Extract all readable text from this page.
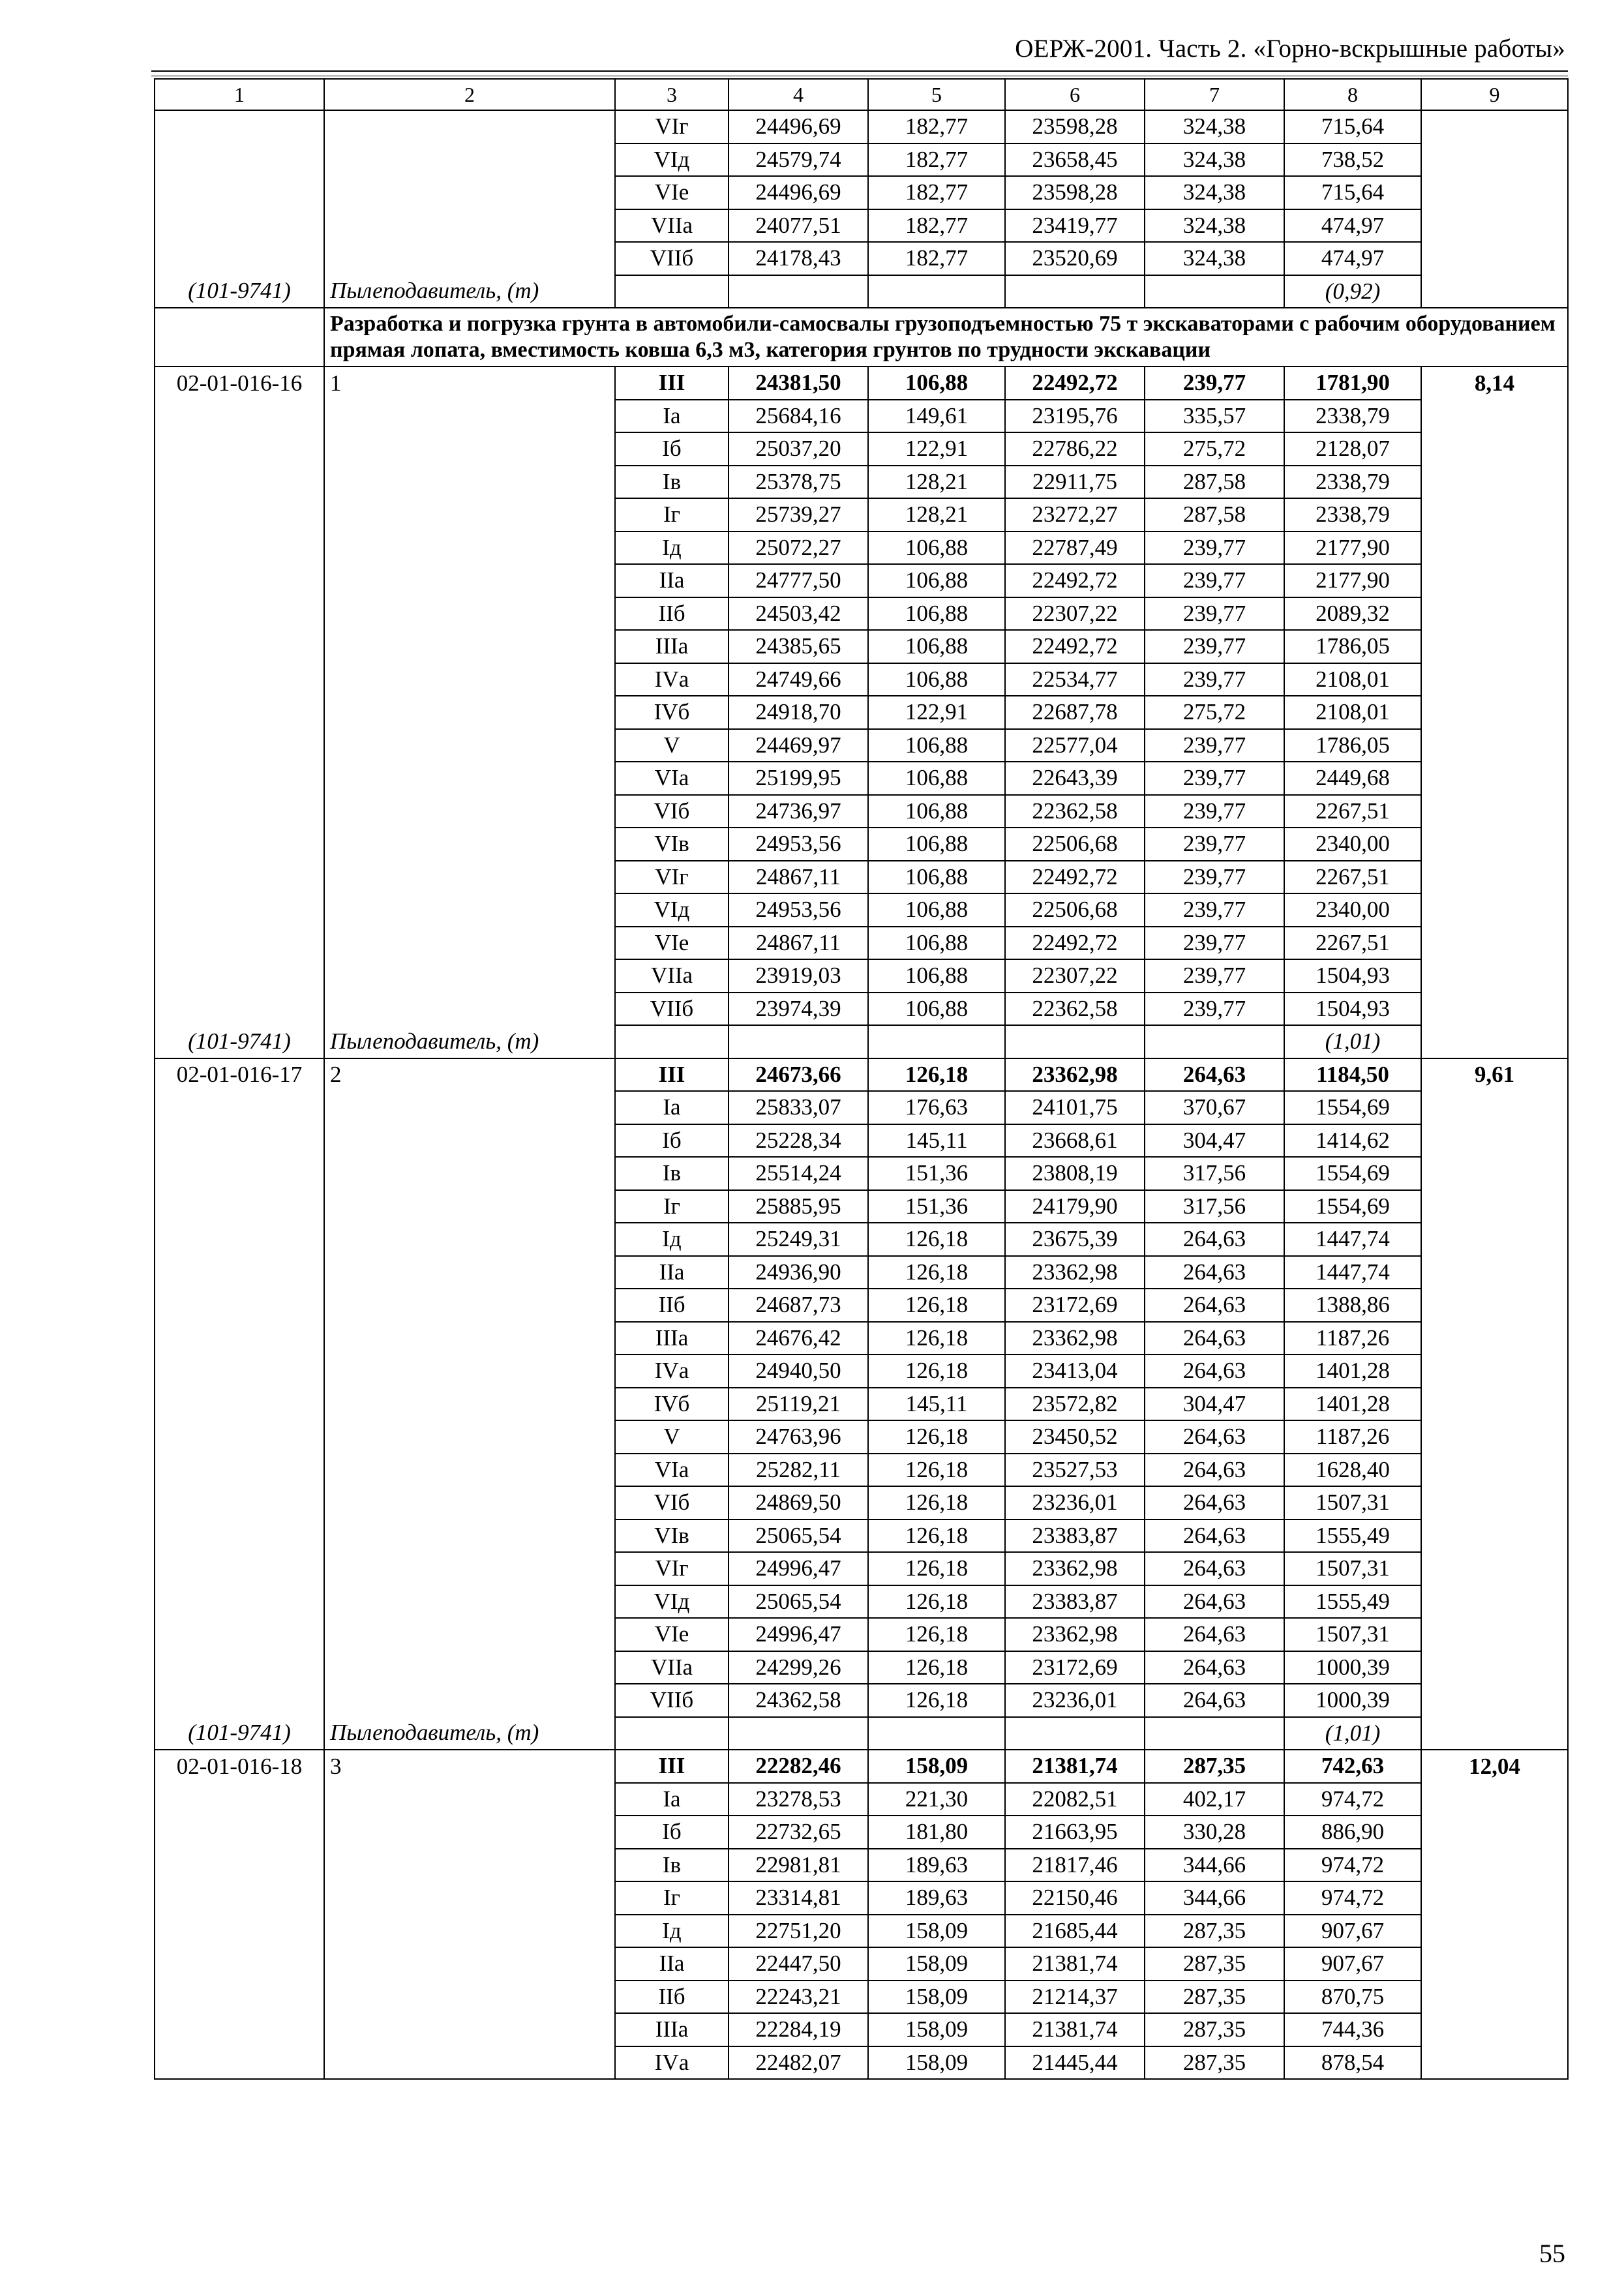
ОЕРЖ-2001. Часть 2. «Горно-вскрышные работы»
1	2	3	4	5	6	7	8	9
		VIг	24496,69	182,77	23598,28	324,38	715,64	
		VIд	24579,74	182,77	23658,45	324,38	738,52	
		VIе	24496,69	182,77	23598,28	324,38	715,64	
		VIIа	24077,51	182,77	23419,77	324,38	474,97	
		VIIб	24178,43	182,77	23520,69	324,38	474,97	
(101-9741)	Пылеподавитель, (т)						(0,92)	
	Разработка и погрузка грунта в автомобили-самосвалы грузоподъемностью 75 т экскаваторами с рабочим оборудованием прямая лопата, вместимость ковша 6,3 м3, категория грунтов по трудности экскавации							
02-01-016-16	1	III	24381,50	106,88	22492,72	239,77	1781,90	8,14
		Iа	25684,16	149,61	23195,76	335,57	2338,79	
		Iб	25037,20	122,91	22786,22	275,72	2128,07	
		Iв	25378,75	128,21	22911,75	287,58	2338,79	
		Iг	25739,27	128,21	23272,27	287,58	2338,79	
		Iд	25072,27	106,88	22787,49	239,77	2177,90	
		IIа	24777,50	106,88	22492,72	239,77	2177,90	
		IIб	24503,42	106,88	22307,22	239,77	2089,32	
		IIIа	24385,65	106,88	22492,72	239,77	1786,05	
		IVа	24749,66	106,88	22534,77	239,77	2108,01	
		IVб	24918,70	122,91	22687,78	275,72	2108,01	
		V	24469,97	106,88	22577,04	239,77	1786,05	
		VIа	25199,95	106,88	22643,39	239,77	2449,68	
		VIб	24736,97	106,88	22362,58	239,77	2267,51	
		VIв	24953,56	106,88	22506,68	239,77	2340,00	
		VIг	24867,11	106,88	22492,72	239,77	2267,51	
		VIд	24953,56	106,88	22506,68	239,77	2340,00	
		VIе	24867,11	106,88	22492,72	239,77	2267,51	
		VIIа	23919,03	106,88	22307,22	239,77	1504,93	
		VIIб	23974,39	106,88	22362,58	239,77	1504,93	
(101-9741)	Пылеподавитель, (т)						(1,01)	
02-01-016-17	2	III	24673,66	126,18	23362,98	264,63	1184,50	9,61
		Iа	25833,07	176,63	24101,75	370,67	1554,69	
		Iб	25228,34	145,11	23668,61	304,47	1414,62	
		Iв	25514,24	151,36	23808,19	317,56	1554,69	
		Iг	25885,95	151,36	24179,90	317,56	1554,69	
		Iд	25249,31	126,18	23675,39	264,63	1447,74	
		IIа	24936,90	126,18	23362,98	264,63	1447,74	
		IIб	24687,73	126,18	23172,69	264,63	1388,86	
		IIIа	24676,42	126,18	23362,98	264,63	1187,26	
		IVа	24940,50	126,18	23413,04	264,63	1401,28	
		IVб	25119,21	145,11	23572,82	304,47	1401,28	
		V	24763,96	126,18	23450,52	264,63	1187,26	
		VIа	25282,11	126,18	23527,53	264,63	1628,40	
		VIб	24869,50	126,18	23236,01	264,63	1507,31	
		VIв	25065,54	126,18	23383,87	264,63	1555,49	
		VIг	24996,47	126,18	23362,98	264,63	1507,31	
		VIд	25065,54	126,18	23383,87	264,63	1555,49	
		VIе	24996,47	126,18	23362,98	264,63	1507,31	
		VIIа	24299,26	126,18	23172,69	264,63	1000,39	
		VIIб	24362,58	126,18	23236,01	264,63	1000,39	
(101-9741)	Пылеподавитель, (т)						(1,01)	
02-01-016-18	3	III	22282,46	158,09	21381,74	287,35	742,63	12,04
		Iа	23278,53	221,30	22082,51	402,17	974,72	
		Iб	22732,65	181,80	21663,95	330,28	886,90	
		Iв	22981,81	189,63	21817,46	344,66	974,72	
		Iг	23314,81	189,63	22150,46	344,66	974,72	
		Iд	22751,20	158,09	21685,44	287,35	907,67	
		IIа	22447,50	158,09	21381,74	287,35	907,67	
		IIб	22243,21	158,09	21214,37	287,35	870,75	
		IIIа	22284,19	158,09	21381,74	287,35	744,36	
		IVа	22482,07	158,09	21445,44	287,35	878,54	
55
